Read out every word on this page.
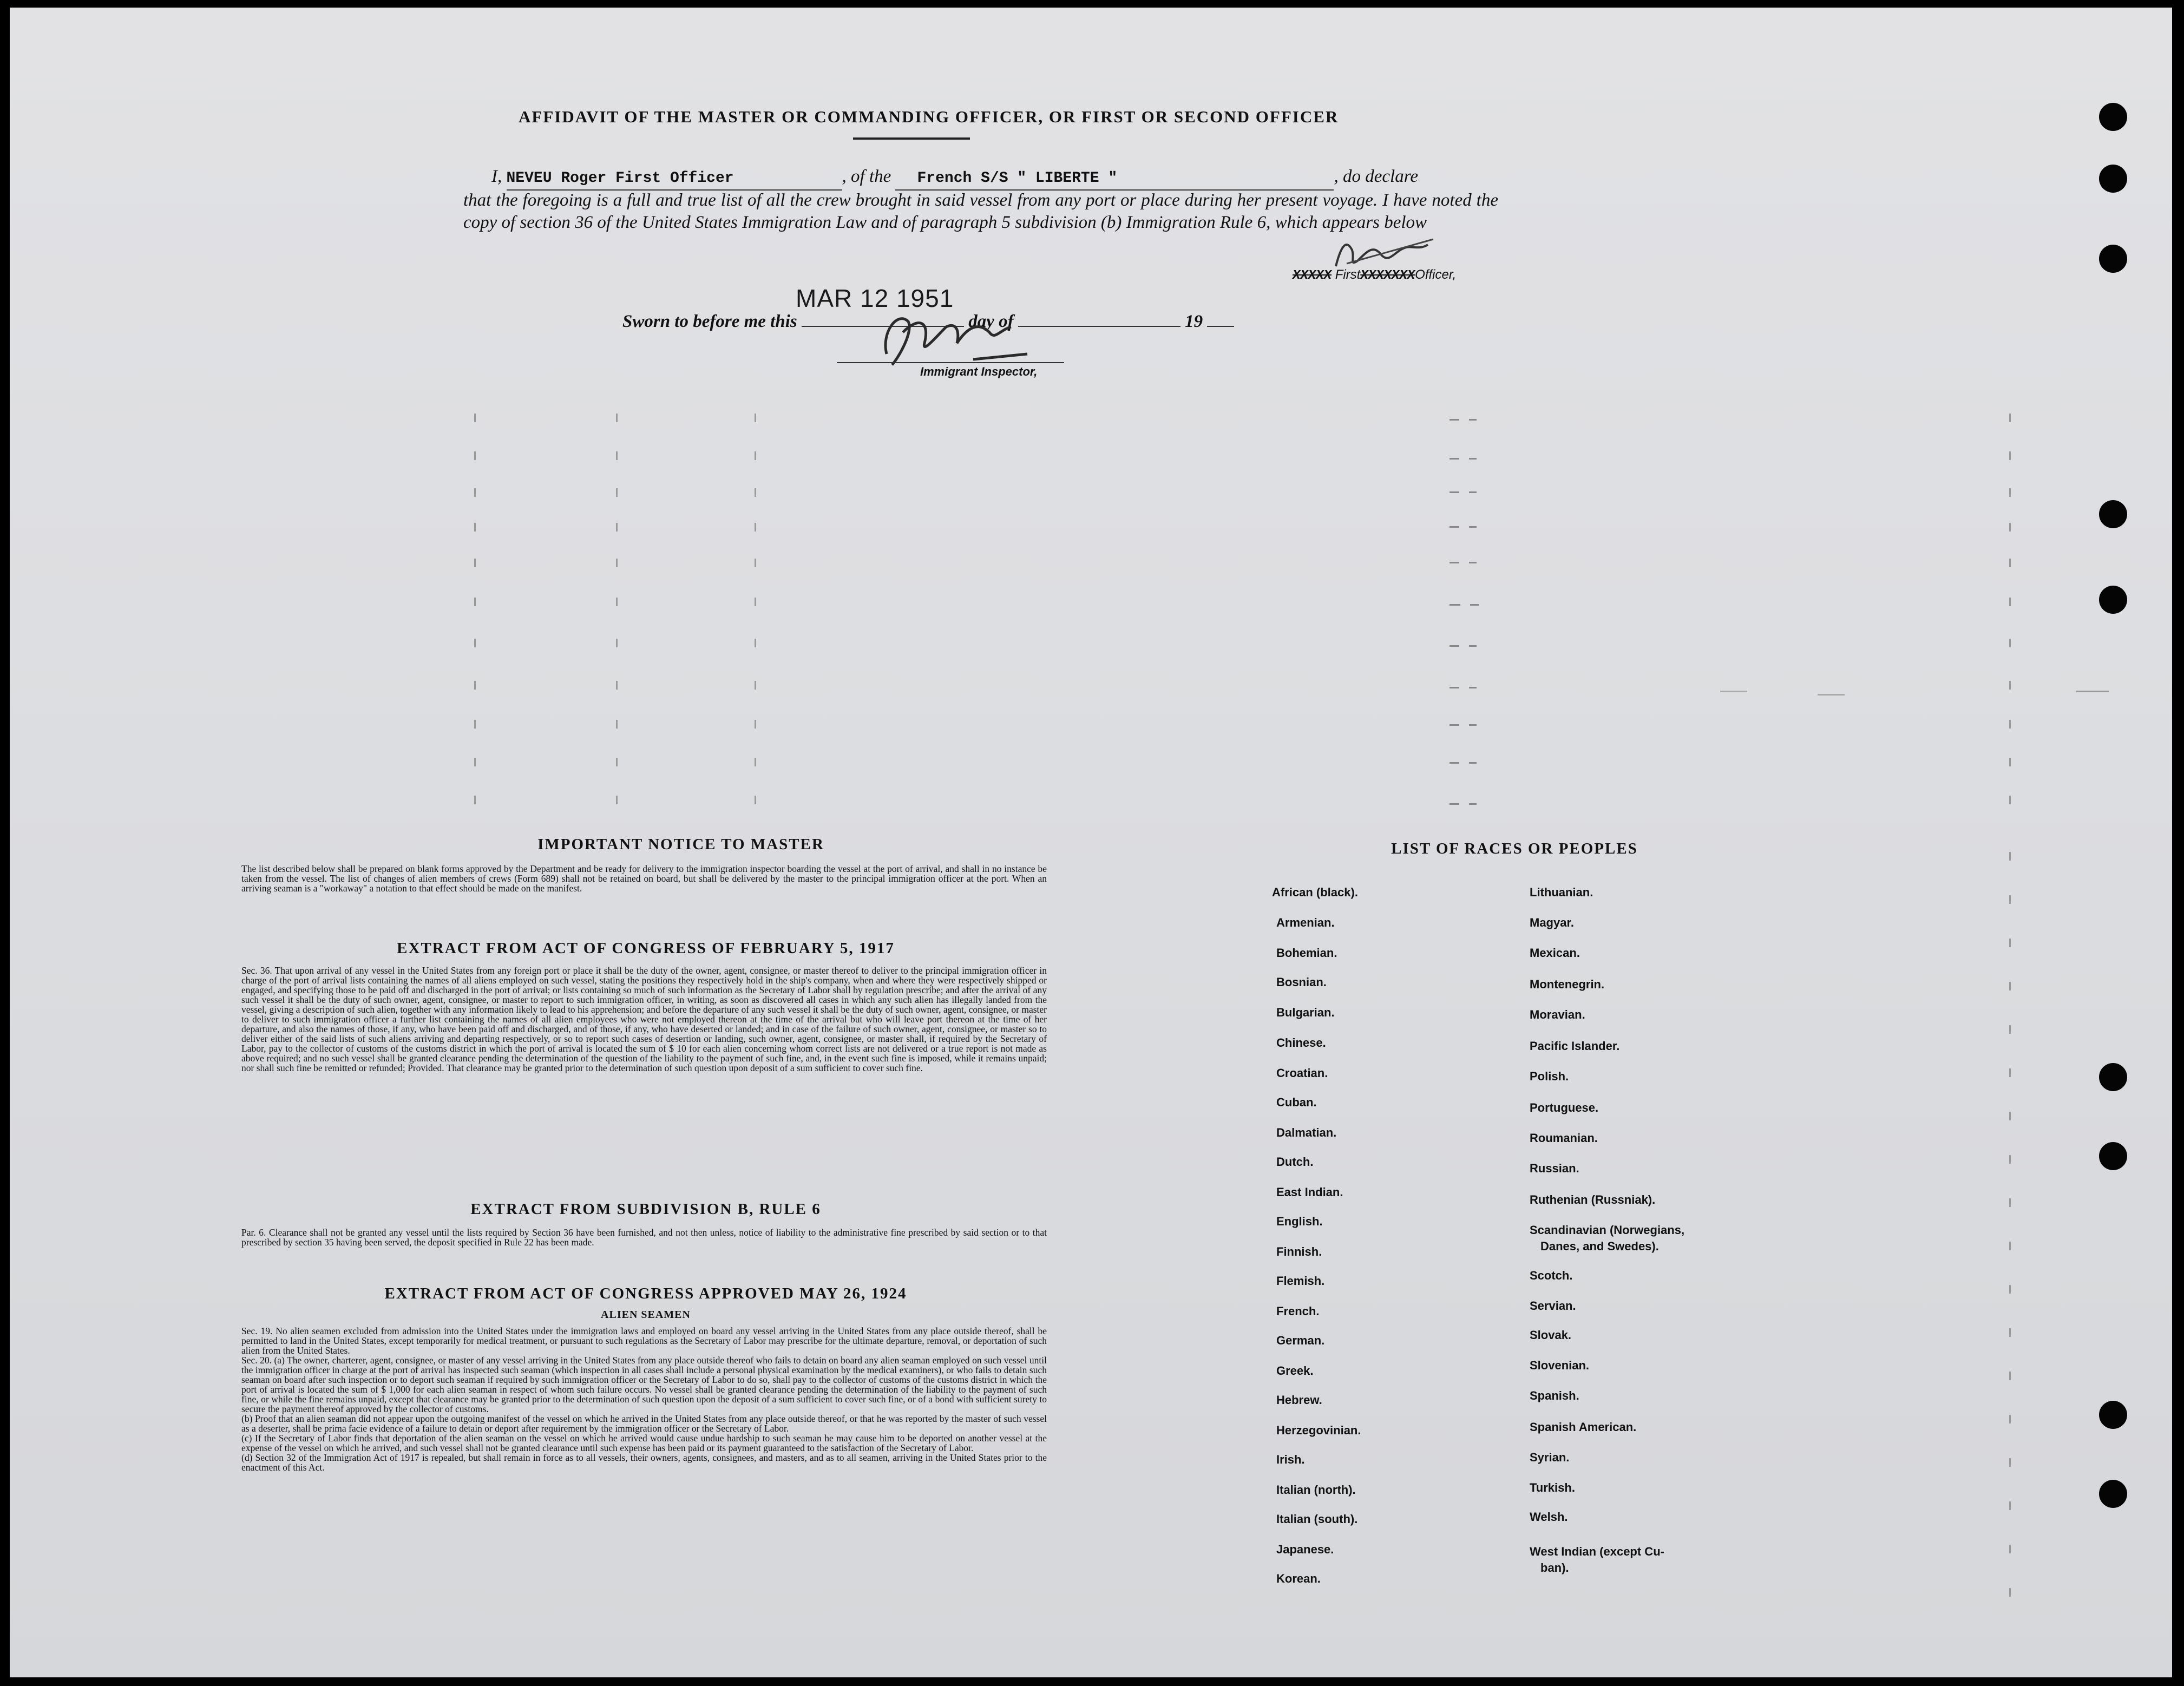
AFFIDAVIT OF THE MASTER OR COMMANDING OFFICER, OR FIRST OR SECOND OFFICER
I, NEVEU Roger First Officer	, of the French S/S " LIBERTE "	, do declare
that the foregoing is a full and true list of all the crew brought in said vessel from any port or place during her present voyage. I have noted the copy of section 36 of the United States Immigration Law and of paragraph 5 subdivision (b) Immigration Rule 6, which appears below
XXXXX FirstXXXXXXXOfficer,
MAR 12 1951
Sworn to before me this	day of	19
Immigrant Inspector,
IMPORTANT NOTICE TO MASTER
The list described below shall be prepared on blank forms approved by the Department and be ready for delivery to the immigration inspector boarding the vessel at the port of arrival, and shall in no instance be taken from the vessel. The list of changes of alien members of crews (Form 689) shall not be retained on board, but shall be delivered by the master to the principal immigration officer at the port. When an arriving seaman is a "workaway" a notation to that effect should be made on the manifest.
EXTRACT FROM ACT OF CONGRESS OF FEBRUARY 5, 1917
Sec. 36. That upon arrival of any vessel in the United States from any foreign port or place it shall be the duty of the owner, agent, consignee, or master thereof to deliver to the principal immigration officer in charge of the port of arrival lists containing the names of all aliens employed on such vessel, stating the positions they respectively hold in the ship's company, when and where they were respectively shipped or engaged, and specifying those to be paid off and discharged in the port of arrival; or lists containing so much of such information as the Secretary of Labor shall by regulation prescribe; and after the arrival of any such vessel it shall be the duty of such owner, agent, consignee, or master to report to such immigration officer, in writing, as soon as discovered all cases in which any such alien has illegally landed from the vessel, giving a description of such alien, together with any information likely to lead to his apprehension; and before the departure of any such vessel it shall be the duty of such owner, agent, consignee, or master to deliver to such immigration officer a further list containing the names of all alien employees who were not employed thereon at the time of the arrival but who will leave port thereon at the time of her departure, and also the names of those, if any, who have been paid off and discharged, and of those, if any, who have deserted or landed; and in case of the failure of such owner, agent, consignee, or master so to deliver either of the said lists of such aliens arriving and departing respectively, or so to report such cases of desertion or landing, such owner, agent, consignee, or master shall, if required by the Secretary of Labor, pay to the collector of customs of the customs district in which the port of arrival is located the sum of $ 10 for each alien concerning whom correct lists are not delivered or a true report is not made as above required; and no such vessel shall be granted clearance pending the determination of the question of the liability to the payment of such fine, and, in the event such fine is imposed, while it remains unpaid; nor shall such fine be remitted or refunded; Provided. That clearance may be granted prior to the determination of such question upon deposit of a sum sufficient to cover such fine.
EXTRACT FROM SUBDIVISION B, RULE 6
Par. 6. Clearance shall not be granted any vessel until the lists required by Section 36 have been furnished, and not then unless, notice of liability to the administrative fine prescribed by said section or to that prescribed by section 35 having been served, the deposit specified in Rule 22 has been made.
EXTRACT FROM ACT OF CONGRESS APPROVED MAY 26, 1924
ALIEN SEAMEN
Sec. 19. No alien seamen excluded from admission into the United States under the immigration laws and employed on board any vessel arriving in the United States from any place outside thereof, shall be permitted to land in the United States, except temporarily for medical treatment, or pursuant to such regulations as the Secretary of Labor may prescribe for the ultimate departure, removal, or deportation of such alien from the United States.
Sec. 20. (a) The owner, charterer, agent, consignee, or master of any vessel arriving in the United States from any place outside thereof who fails to detain on board any alien seaman employed on such vessel until the immigration officer in charge at the port of arrival has inspected such seaman (which inspection in all cases shall include a personal physical examination by the medical examiners), or who fails to detain such seaman on board after such inspection or to deport such seaman if required by such immigration officer or the Secretary of Labor to do so, shall pay to the collector of customs of the customs district in which the port of arrival is located the sum of $ 1,000 for each alien seaman in respect of whom such failure occurs. No vessel shall be granted clearance pending the determination of the liability to the payment of such fine, or while the fine remains unpaid, except that clearance may be granted prior to the determination of such question upon the deposit of a sum sufficient to cover such fine, or of a bond with sufficient surety to secure the payment thereof approved by the collector of customs.
(b) Proof that an alien seaman did not appear upon the outgoing manifest of the vessel on which he arrived in the United States from any place outside thereof, or that he was reported by the master of such vessel as a deserter, shall be prima facie evidence of a failure to detain or deport after requirement by the immigration officer or the Secretary of Labor.
(c) If the Secretary of Labor finds that deportation of the alien seaman on the vessel on which he arrived would cause undue hardship to such seaman he may cause him to be deported on another vessel at the expense of the vessel on which he arrived, and such vessel shall not be granted clearance until such expense has been paid or its payment guaranteed to the satisfaction of the Secretary of Labor.
(d) Section 32 of the Immigration Act of 1917 is repealed, but shall remain in force as to all vessels, their owners, agents, consignees, and masters, and as to all seamen, arriving in the United States prior to the enactment of this Act.
LIST OF RACES OR PEOPLES
African (black).
Armenian.
Bohemian.
Bosnian.
Bulgarian.
Chinese.
Croatian.
Cuban.
Dalmatian.
Dutch.
East Indian.
English.
Finnish.
Flemish.
French.
German.
Greek.
Hebrew.
Herzegovinian.
Irish.
Italian (north).
Italian (south).
Japanese.
Korean.
Lithuanian.
Magyar.
Mexican.
Montenegrin.
Moravian.
Pacific Islander.
Polish.
Portuguese.
Roumanian.
Russian.
Ruthenian (Russniak).
Scandinavian (Norwegians,
Danes, and Swedes).
Scotch.
Servian.
Slovak.
Slovenian.
Spanish.
Spanish American.
Syrian.
Turkish.
Welsh.
West Indian (except Cu-
ban).
